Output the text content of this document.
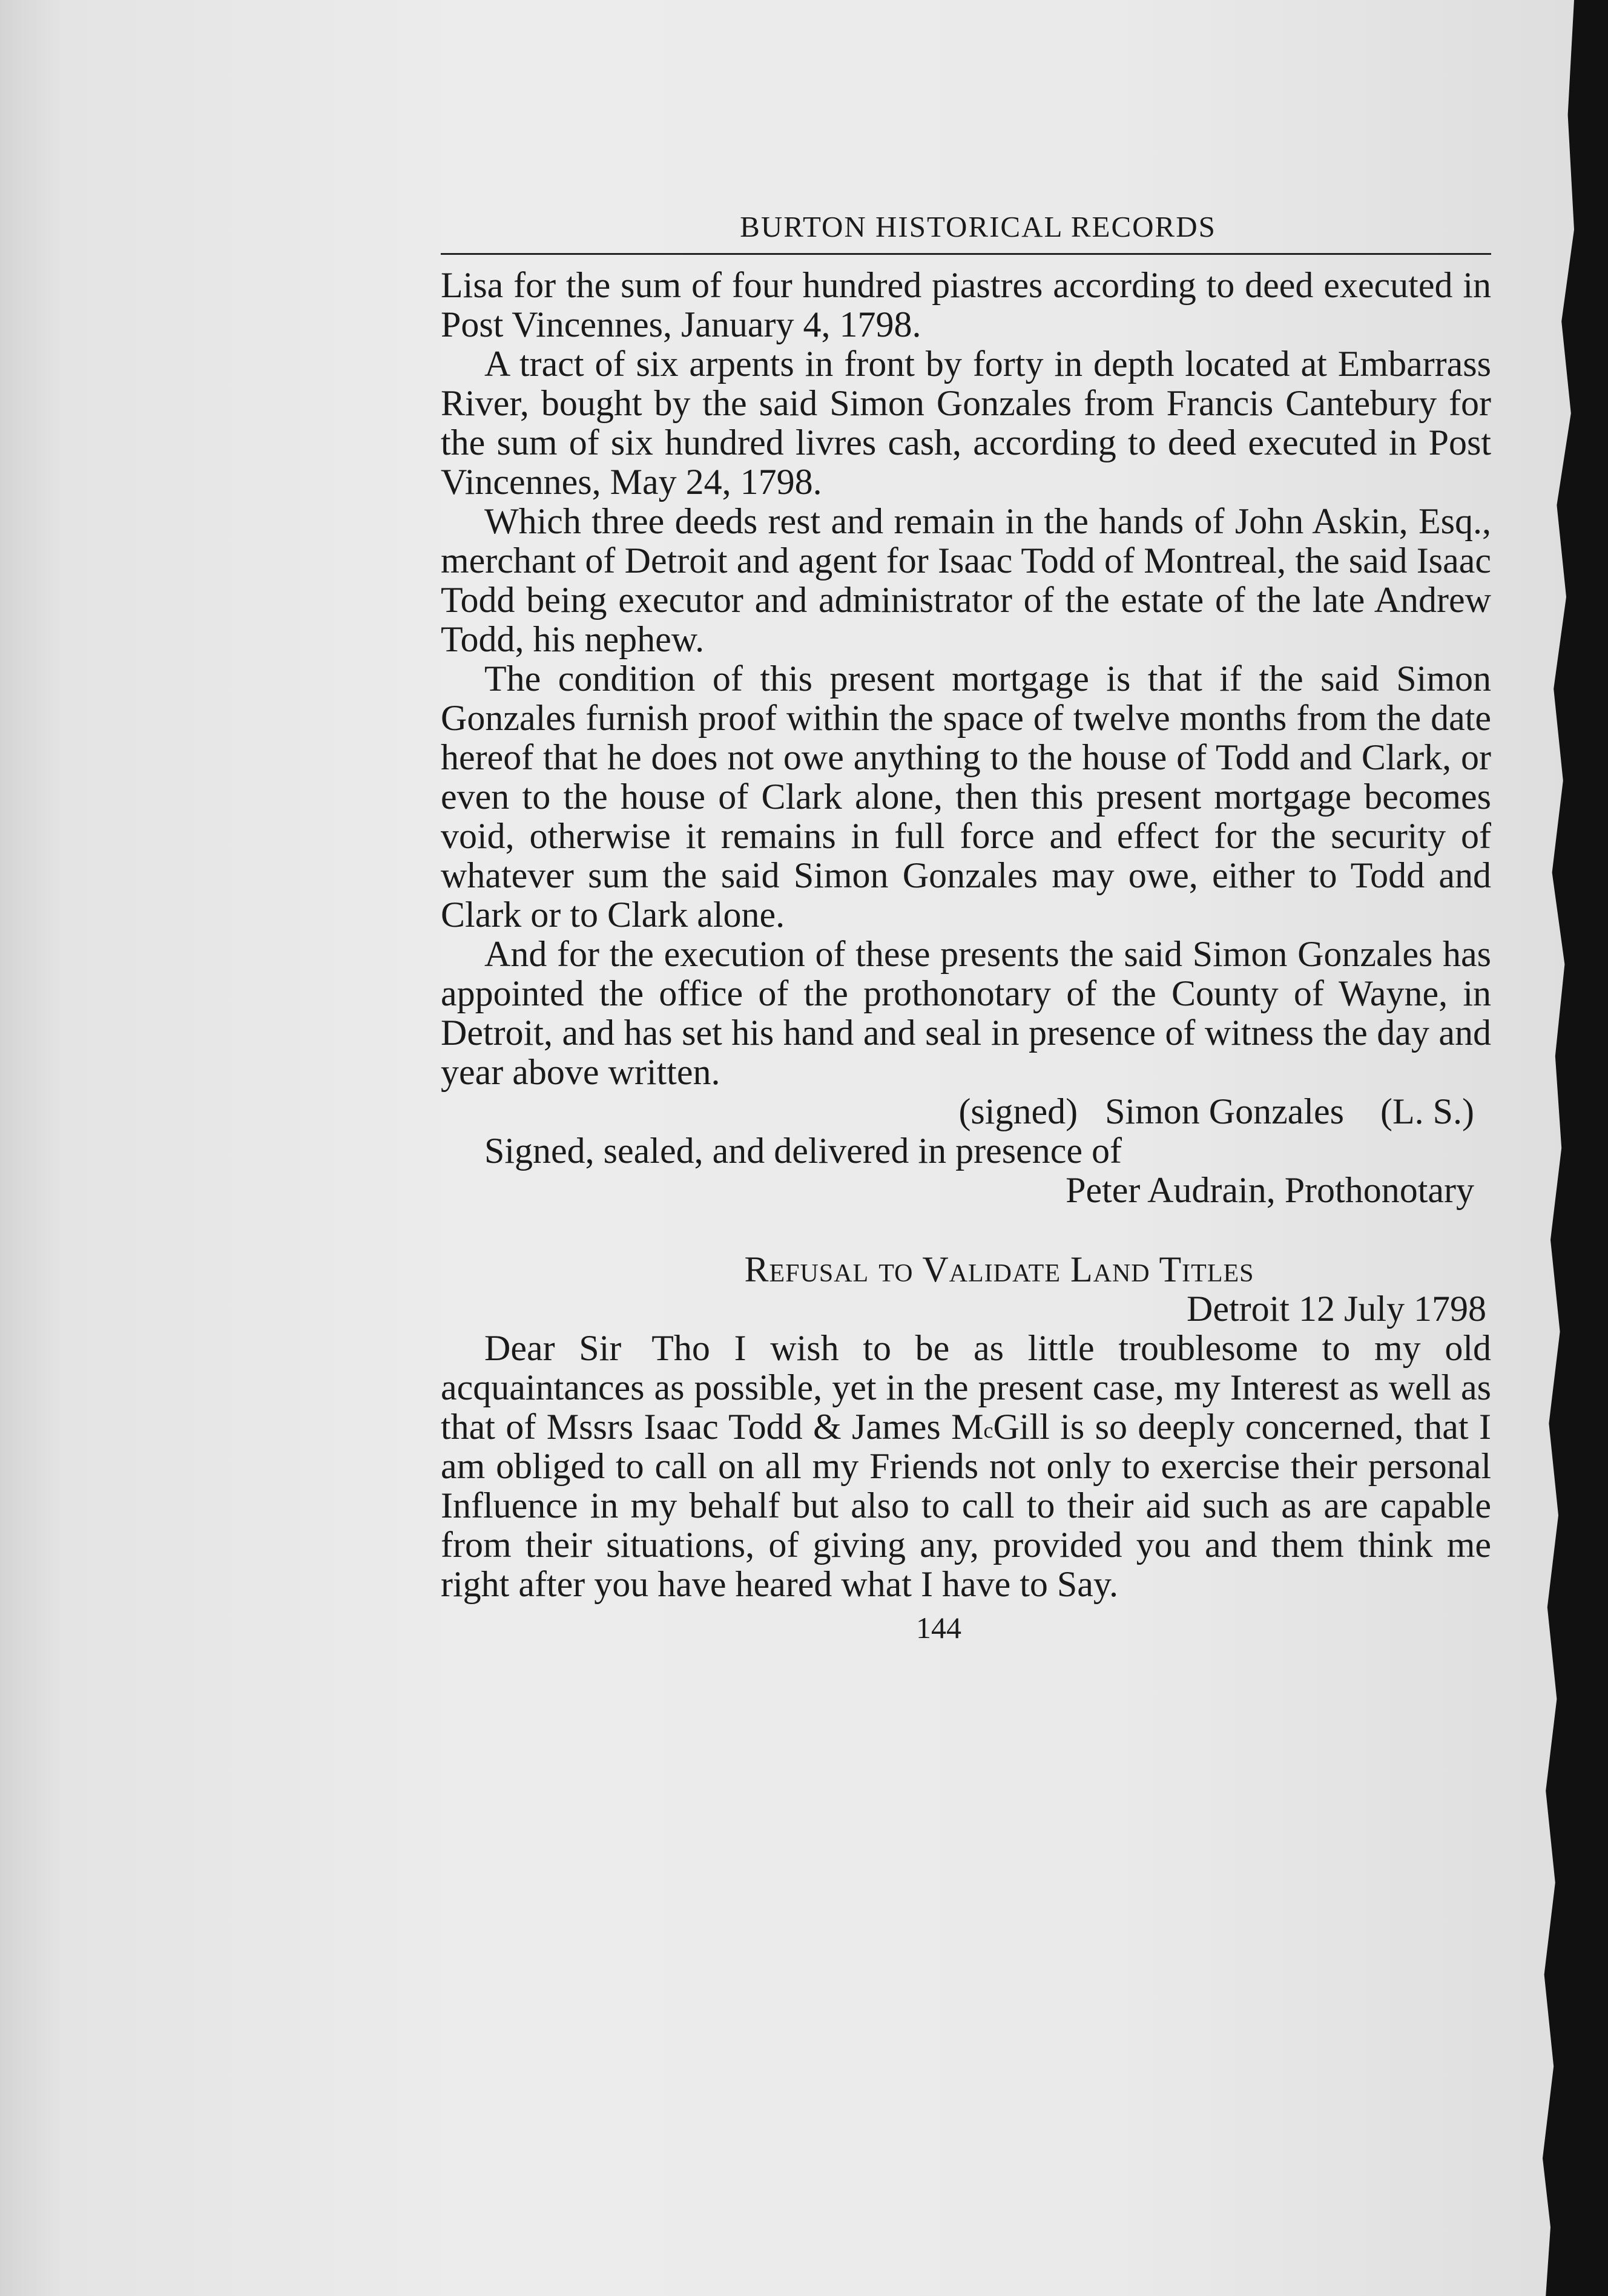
BURTON HISTORICAL RECORDS

Lisa for the sum of four hundred piastres according to deed executed in Post Vincennes, January 4, 1798.

A tract of six arpents in front by forty in depth located at Embarrass River, bought by the said Simon Gonzales from Francis Cantebury for the sum of six hundred livres cash, according to deed executed in Post Vincennes, May 24, 1798.

Which three deeds rest and remain in the hands of John Askin, Esq., merchant of Detroit and agent for Isaac Todd of Montreal, the said Isaac Todd being executor and administrator of the estate of the late Andrew Todd, his nephew.

The condition of this present mortgage is that if the said Simon Gonzales furnish proof within the space of twelve months from the date hereof that he does not owe anything to the house of Todd and Clark, or even to the house of Clark alone, then this present mortgage becomes void, otherwise it remains in full force and effect for the security of whatever sum the said Simon Gonzales may owe, either to Todd and Clark or to Clark alone.

And for the execution of these presents the said Simon Gonzales has appointed the office of the prothonotary of the County of Wayne, in Detroit, and has set his hand and seal in presence of witness the day and year above written.

(signed) Simon Gonzales (L. S.)

Signed, sealed, and delivered in presence of

Peter Audrain, Prothonotary
Refusal to Validate Land Titles
Detroit 12 July 1798

Dear Sir Tho I wish to be as little troublesome to my old acquaintances as possible, yet in the present case, my Interest as well as that of Mssrs Isaac Todd & James $M^cGill$ is so deeply concerned, that I am obliged to call on all my Friends not only to exercise their personal Influence in my behalf but also to call to their aid such as are capable from their situations, of giving any, provided you and them think me right after you have heared what I have to Say.

144
